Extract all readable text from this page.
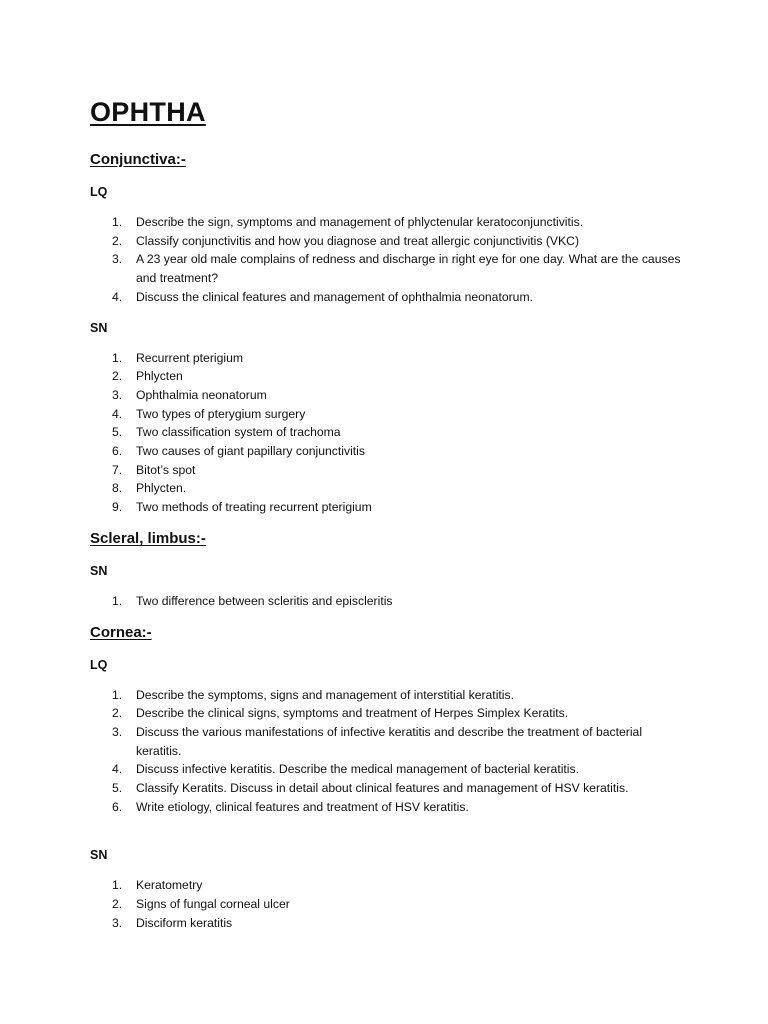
OPHTHA
Conjunctiva:-
LQ
1. Describe the sign, symptoms and management of phlyctenular keratoconjunctivitis.
2. Classify conjunctivitis and how you diagnose and treat allergic conjunctivitis (VKC)
3. A 23 year old male complains of redness and discharge in right eye for one day. What are the causes and treatment?
4. Discuss the clinical features and management of ophthalmia neonatorum.
SN
1. Recurrent pterigium
2. Phlycten
3. Ophthalmia neonatorum
4. Two types of pterygium surgery
5. Two classification system of trachoma
6. Two causes of giant papillary conjunctivitis
7. Bitot’s spot
8. Phlycten.
9. Two methods of treating recurrent pterigium
Scleral, limbus:-
SN
1. Two difference between scleritis and episcleritis
Cornea:-
LQ
1. Describe the symptoms, signs and management of interstitial keratitis.
2. Describe the clinical signs, symptoms and treatment of Herpes Simplex Keratits.
3. Discuss the various manifestations of infective keratitis and describe the treatment of bacterial keratitis.
4. Discuss infective keratitis. Describe the medical management of bacterial keratitis.
5. Classify Keratits. Discuss in detail about clinical features and management of HSV keratitis.
6. Write etiology, clinical features and treatment of HSV keratitis.
SN
1. Keratometry
2. Signs of fungal corneal ulcer
3. Disciform keratitis
